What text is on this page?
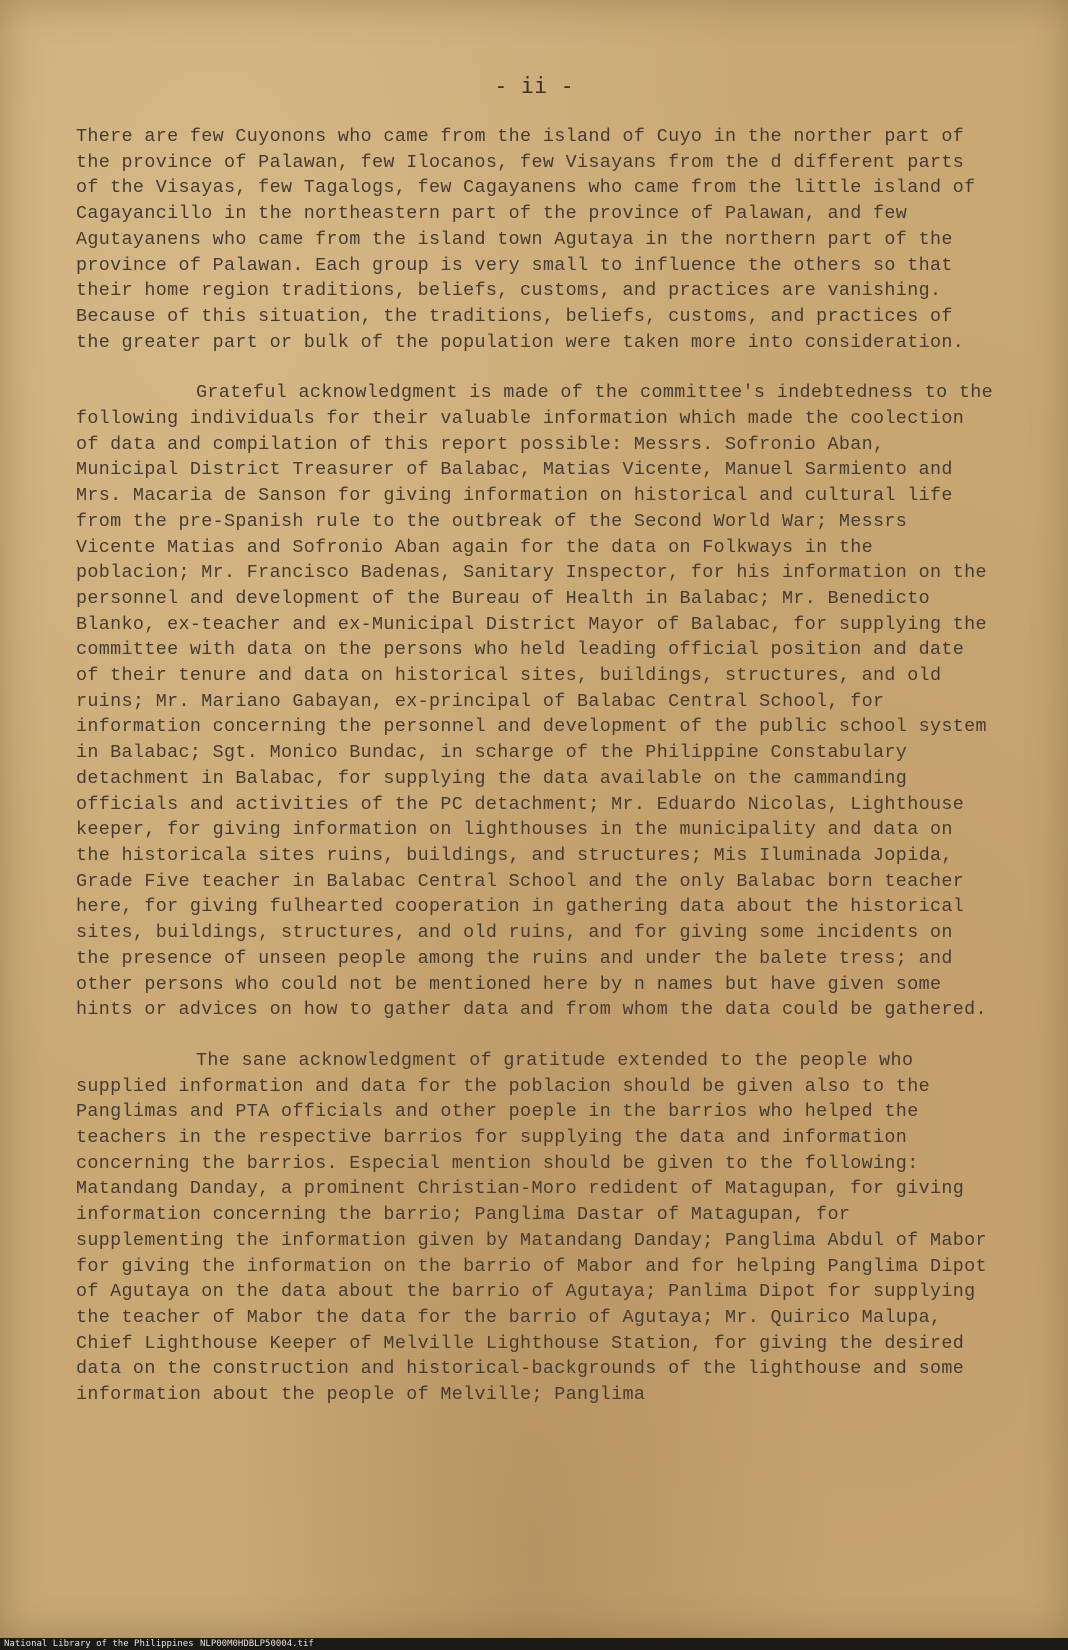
- ii -

There are few Cuyonons who came from the island of Cuyo in the norther part of the province of Palawan, few Ilocanos, few Visayans from the d different parts of the Visayas, few Tagalogs, few Cagayanens who came from the little island of Cagayancillo in the northeastern part of the province of Palawan, and few Agutayanens who came from the island town Agutaya in the northern part of the province of Palawan. Each group is very small to influence the others so that their home region traditions, beliefs, customs, and practices are vanishing. Because of this situation, the traditions, beliefs, customs, and practices of the greater part or bulk of the population were taken more into consideration.

Grateful acknowledgment is made of the committee's indebtedness to the following individuals for their valuable information which made the coolection of data and compilation of this report possible: Messrs. Sofronio Aban, Municipal District Treasurer of Balabac, Matias Vicente, Manuel Sarmiento and Mrs. Macaria de Sanson for giving information on historical and cultural life from the pre-Spanish rule to the outbreak of the Second World War; Messrs Vicente Matias and Sofronio Aban again for the data on Folkways in the poblacion; Mr. Francisco Badenas, Sanitary Inspector, for his information on the personnel and development of the Bureau of Health in Balabac; Mr. Benedicto Blanko, ex-teacher and ex-Municipal District Mayor of Balabac, for supplying the committee with data on the persons who held leading official position and date of their tenure and data on historical sites, buildings, structures, and old ruins; Mr. Mariano Gabayan, ex-principal of Balabac Central School, for information concerning the personnel and development of the public school system in Balabac; Sgt. Monico Bundac, in scharge of the Philippine Constabulary detachment in Balabac, for supplying the data available on the cammanding officials and activities of the PC detachment; Mr. Eduardo Nicolas, Lighthouse keeper, for giving information on lighthouses in the municipality and data on the historicala sites ruins, buildings, and structures; Mis Iluminada Jopida, Grade Five teacher in Balabac Central School and the only Balabac born teacher here, for giving fulhearted cooperation in gathering data about the historical sites, buildings, structures, and old ruins, and for giving some incidents on the presence of unseen people among the ruins and under the balete tress; and other persons who could not be mentioned here by n names but have given some hints or advices on how to gather data and from whom the data could be gathered.

The sane acknowledgment of gratitude extended to the people who supplied information and data for the poblacion should be given also to the Panglimas and PTA officials and other poeple in the barrios who helped the teachers in the respective barrios for supplying the data and information concerning the barrios. Especial mention should be given to the following: Matandang Danday, a prominent Christian-Moro redident of Matagupan, for giving information concerning the barrio; Panglima Dastar of Matagupan, for supplementing the information given by Matandang Danday; Panglima Abdul of Mabor for giving the information on the barrio of Mabor and for helping Panglima Dipot of Agutaya on the data about the barrio of Agutaya; Panlima Dipot for supplying the teacher of Mabor the data for the barrio of Agutaya; Mr. Quirico Malupa, Chief Lighthouse Keeper of Melville Lighthouse Station, for giving the desired data on the construction and historical-backgrounds of the lighthouse and some information about the people of Melville; Panglima

National Library of the Philippines NLP00M0HDBLP50004.tif
